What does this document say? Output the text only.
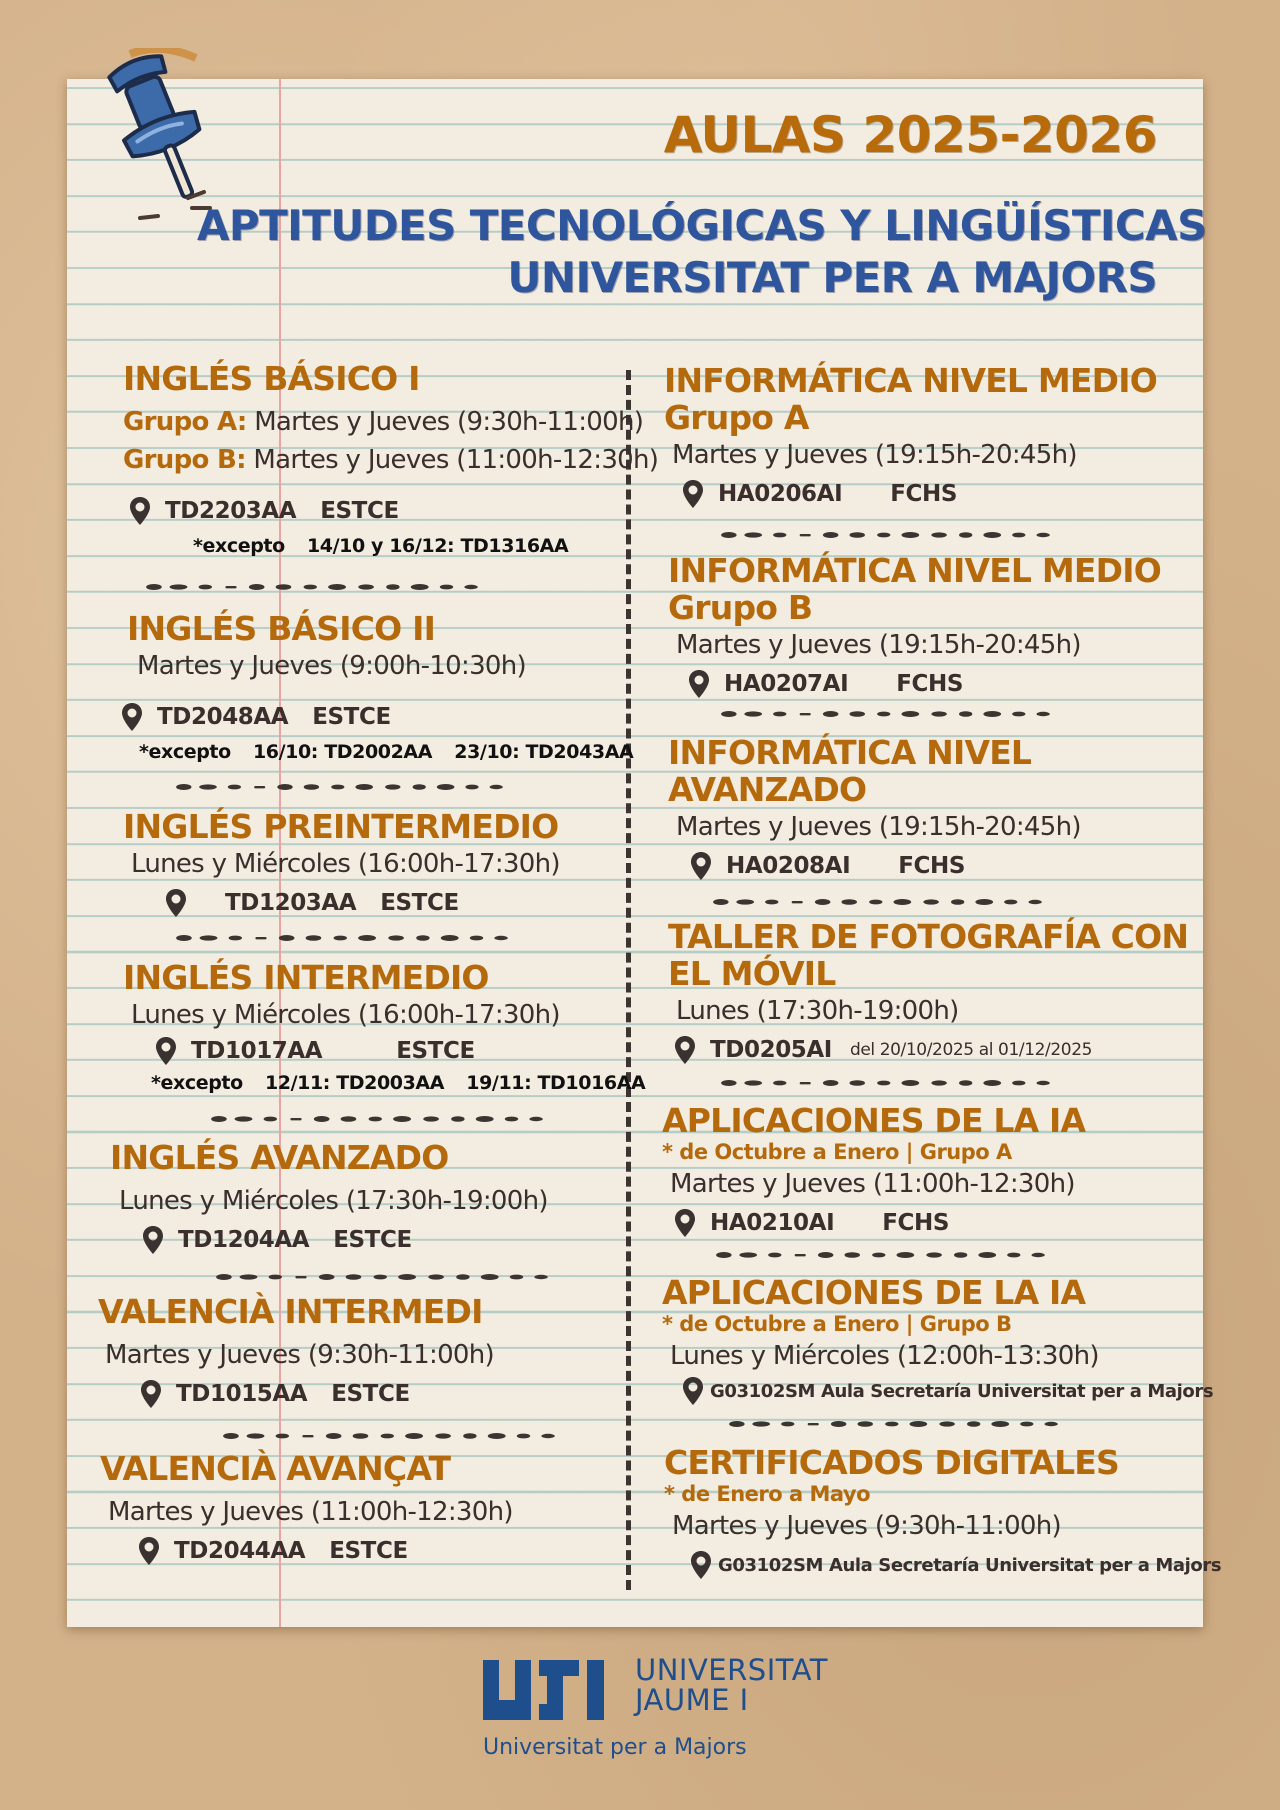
AULAS 2025-2026
APTITUDES TECNOLÓGICAS Y LINGÜÍSTICAS
UNIVERSITAT PER A MAJORS
INGLÉS BÁSICO I
Grupo A: Martes y Jueves (9:30h-11:00h)
Grupo B: Martes y Jueves (11:00h-12:30h)
TD2203AA ESTCE
*excepto 14/10 y 16/12: TD1316AA
INGLÉS BÁSICO II
Martes y Jueves (9:00h-10:30h)
TD2048AA ESTCE
*excepto 16/10: TD2002AA 23/10: TD2043AA
INGLÉS PREINTERMEDIO
Lunes y Miércoles (16:00h-17:30h)
TD1203AA ESTCE
INGLÉS INTERMEDIO
Lunes y Miércoles (16:00h-17:30h)
TD1017AA	ESTCE
*excepto 12/11: TD2003AA 19/11: TD1016AA
INGLÉS AVANZADO
Lunes y Miércoles (17:30h-19:00h)
TD1204AA ESTCE
VALENCIÀ INTERMEDI
Martes y Jueves (9:30h-11:00h)
TD1015AA ESTCE
VALENCIÀ AVANÇAT
Martes y Jueves (11:00h-12:30h)
TD2044AA ESTCE
INFORMÁTICA NIVEL MEDIO
Grupo A
Martes y Jueves (19:15h-20:45h)
HA0206AI FCHS
INFORMÁTICA NIVEL MEDIO
Grupo B
Martes y Jueves (19:15h-20:45h)
HA0207AI FCHS
INFORMÁTICA NIVEL
AVANZADO
Martes y Jueves (19:15h-20:45h)
HA0208AI FCHS
TALLER DE FOTOGRAFÍA CON
EL MÓVIL
Lunes (17:30h-19:00h)
TD0205AI del 20/10/2025 al 01/12/2025
APLICACIONES DE LA IA
* de Octubre a Enero | Grupo A
Martes y Jueves (11:00h-12:30h)
HA0210AI FCHS
APLICACIONES DE LA IA
* de Octubre a Enero | Grupo B
Lunes y Miércoles (12:00h-13:30h)
G03102SM Aula Secretaría Universitat per a Majors
CERTIFICADOS DIGITALES
* de Enero a Mayo
Martes y Jueves (9:30h-11:00h)
G03102SM Aula Secretaría Universitat per a Majors
UNIVERSITAT
JAUME I
Universitat per a Majors
